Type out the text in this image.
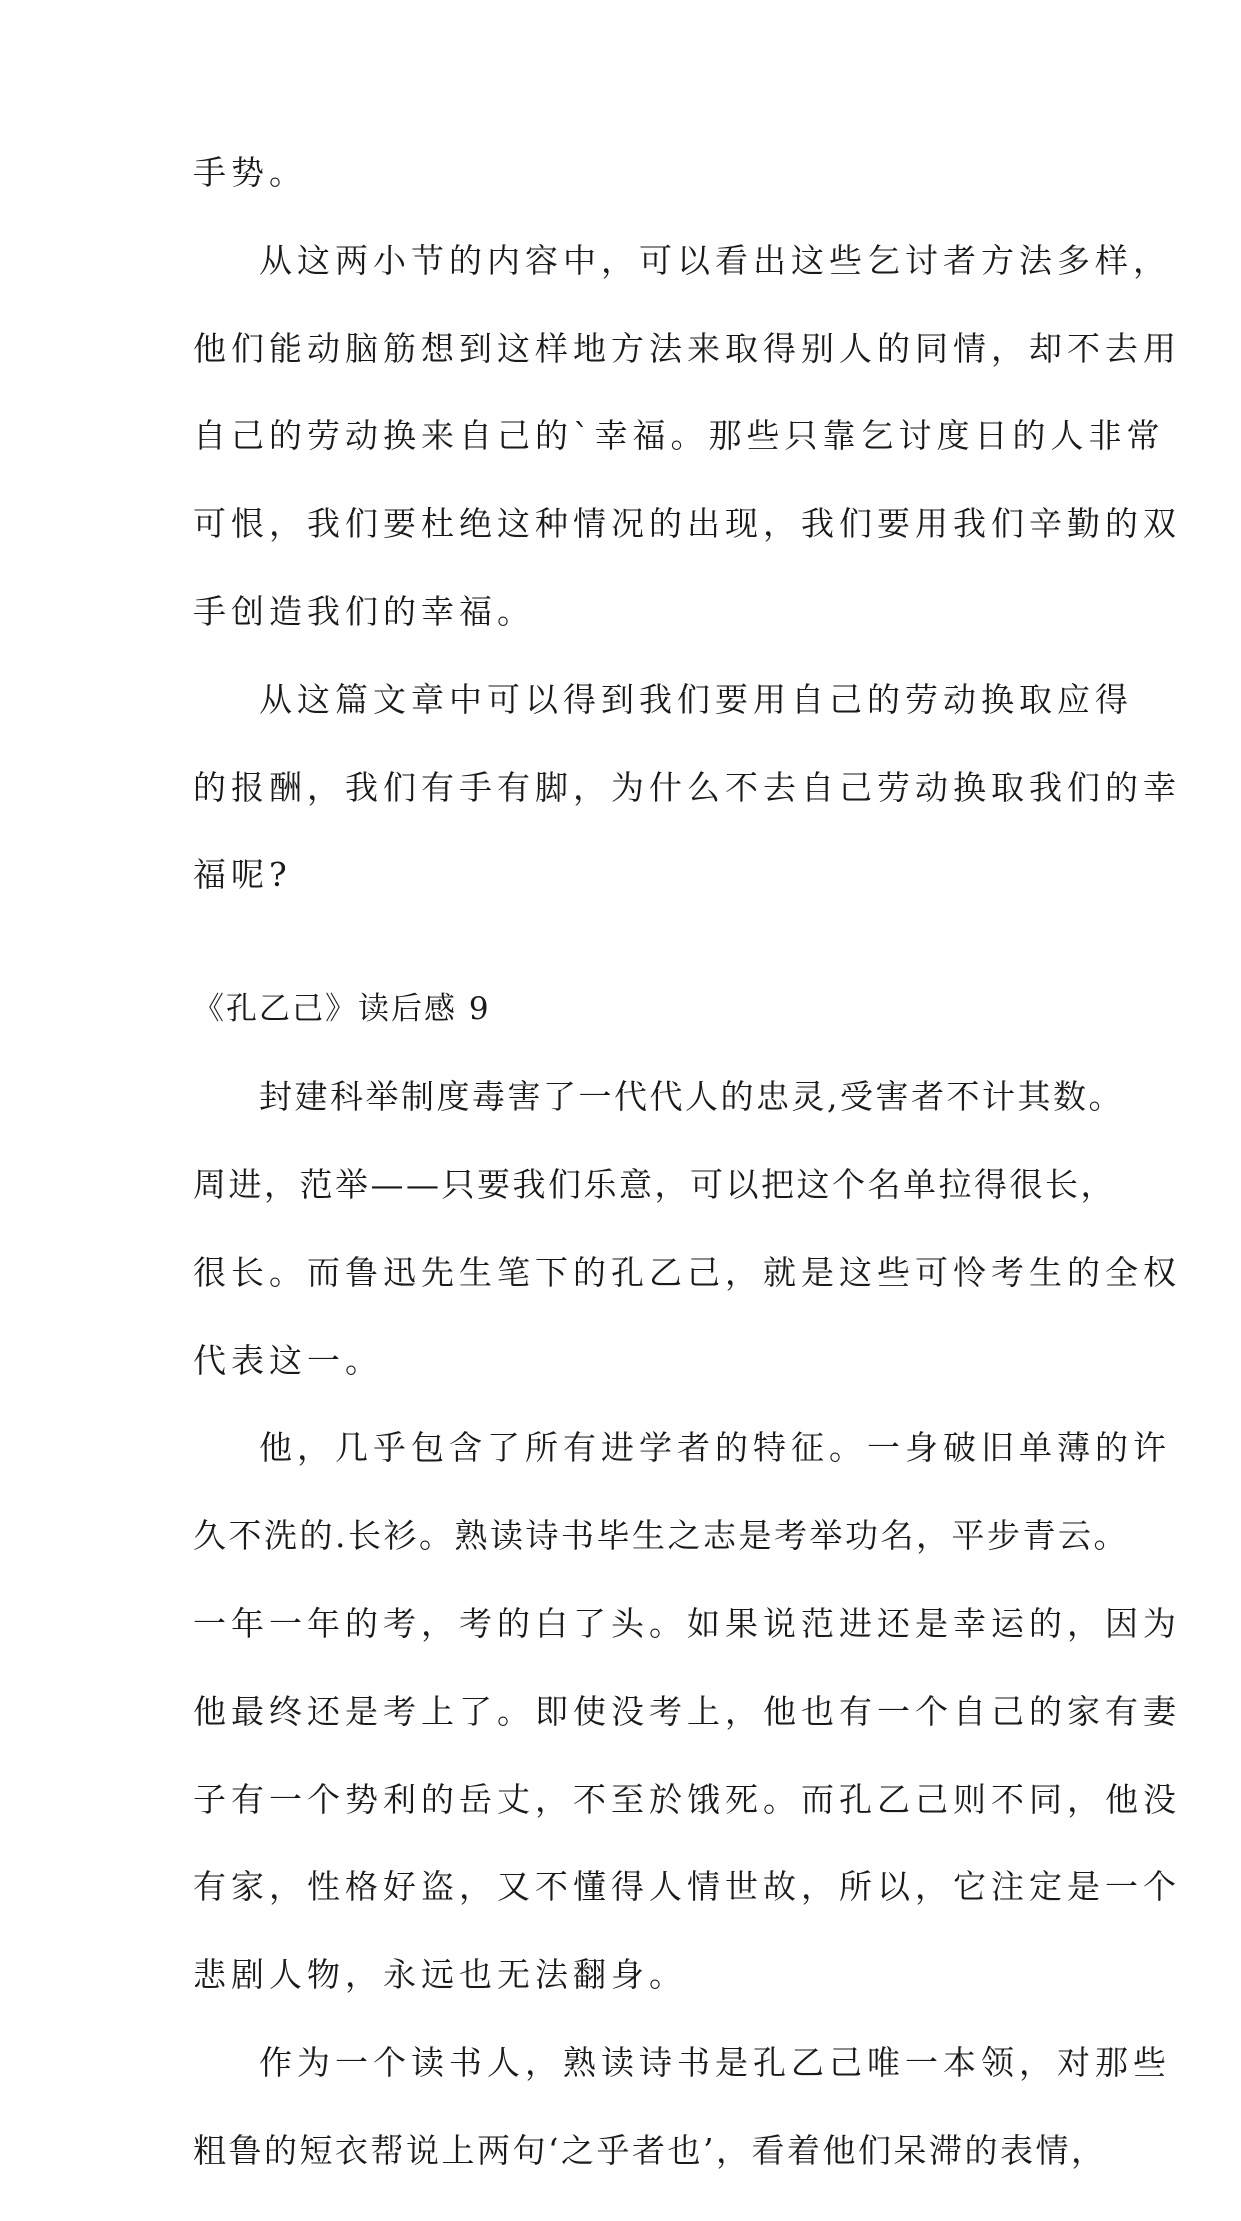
手势。
从这两小节的内容中，可以看出这些乞讨者方法多样，
他们能动脑筋想到这样地方法来取得别人的同情，却不去用
自己的劳动换来自己的`幸福。那些只靠乞讨度日的人非常
可恨，我们要杜绝这种情况的出现，我们要用我们辛勤的双
手创造我们的幸福。
从这篇文章中可以得到我们要用自己的劳动换取应得
的报酬，我们有手有脚，为什么不去自己劳动换取我们的幸
福呢?
《孔乙己》读后感 9
封建科举制度毒害了一代代人的忠灵,受害者不计其数。
周进，范举——只要我们乐意，可以把这个名单拉得很长，
很长。而鲁迅先生笔下的孔乙己，就是这些可怜考生的全权
代表这一。
他，几乎包含了所有进学者的特征。一身破旧单薄的许
久不洗的.长衫。熟读诗书毕生之志是考举功名，平步青云。
一年一年的考，考的白了头。如果说范进还是幸运的，因为
他最终还是考上了。即使没考上，他也有一个自己的家有妻
子有一个势利的岳丈，不至於饿死。而孔乙己则不同，他没
有家，性格好盗，又不懂得人情世故，所以，它注定是一个
悲剧人物，永远也无法翻身。
作为一个读书人，熟读诗书是孔乙己唯一本领，对那些
粗鲁的短衣帮说上两句‘之乎者也’，看着他们呆滞的表情，
